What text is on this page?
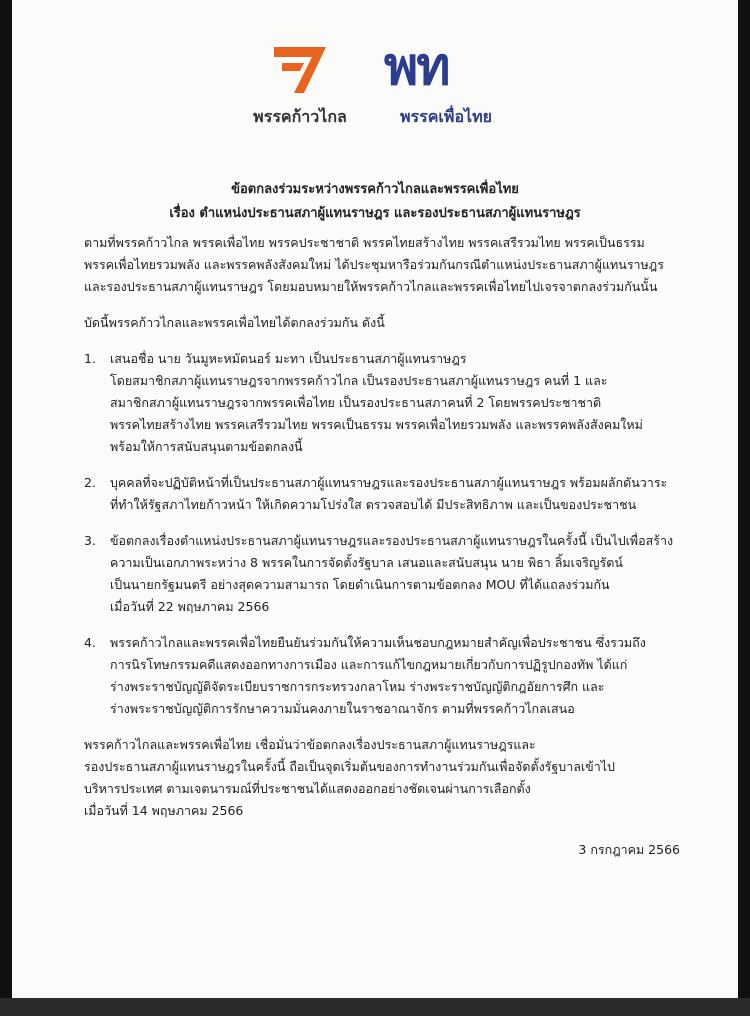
พรรคก้าวไกล
พท
พรรคเพื่อไทย
ข้อตกลงร่วมระหว่างพรรคก้าวไกลและพรรคเพื่อไทย
เรื่อง ตำแหน่งประธานสภาผู้แทนราษฎร และรองประธานสภาผู้แทนราษฎร
ตามที่พรรคก้าวไกล พรรคเพื่อไทย พรรคประชาชาติ พรรคไทยสร้างไทย พรรคเสรีรวมไทย พรรคเป็นธรรม
พรรคเพื่อไทยรวมพลัง และพรรคพลังสังคมใหม่ ได้ประชุมหารือร่วมกันกรณีตำแหน่งประธานสภาผู้แทนราษฎร
และรองประธานสภาผู้แทนราษฎร โดยมอบหมายให้พรรคก้าวไกลและพรรคเพื่อไทยไปเจรจาตกลงร่วมกันนั้น
บัดนี้พรรคก้าวไกลและพรรคเพื่อไทยได้ตกลงร่วมกัน ดังนี้
1. เสนอชื่อ นาย วันมูหะหมัดนอร์ มะทา เป็นประธานสภาผู้แทนราษฎร
โดยสมาชิกสภาผู้แทนราษฎรจากพรรคก้าวไกล เป็นรองประธานสภาผู้แทนราษฎร คนที่ 1 และ
สมาชิกสภาผู้แทนราษฎรจากพรรคเพื่อไทย เป็นรองประธานสภาคนที่ 2 โดยพรรคประชาชาติ
พรรคไทยสร้างไทย พรรคเสรีรวมไทย พรรคเป็นธรรม พรรคเพื่อไทยรวมพลัง และพรรคพลังสังคมใหม่
พร้อมให้การสนับสนุนตามข้อตกลงนี้
2. บุคคลที่จะปฏิบัติหน้าที่เป็นประธานสภาผู้แทนราษฎรและรองประธานสภาผู้แทนราษฎร พร้อมผลักดันวาระ
ที่ทำให้รัฐสภาไทยก้าวหน้า ให้เกิดความโปร่งใส ตรวจสอบได้ มีประสิทธิภาพ และเป็นของประชาชน
3. ข้อตกลงเรื่องตำแหน่งประธานสภาผู้แทนราษฎรและรองประธานสภาผู้แทนราษฎรในครั้งนี้ เป็นไปเพื่อสร้าง
ความเป็นเอกภาพระหว่าง 8 พรรคในการจัดตั้งรัฐบาล เสนอและสนับสนุน นาย พิธา ลิ้มเจริญรัตน์
เป็นนายกรัฐมนตรี อย่างสุดความสามารถ โดยดำเนินการตามข้อตกลง MOU ที่ได้แถลงร่วมกัน
เมื่อวันที่ 22 พฤษภาคม 2566
4. พรรคก้าวไกลและพรรคเพื่อไทยยืนยันร่วมกันให้ความเห็นชอบกฎหมายสำคัญเพื่อประชาชน ซึ่งรวมถึง
การนิรโทษกรรมคดีแสดงออกทางการเมือง และการแก้ไขกฎหมายเกี่ยวกับการปฏิรูปกองทัพ ได้แก่
ร่างพระราชบัญญัติจัดระเบียบราชการกระทรวงกลาโหม ร่างพระราชบัญญัติกฎอัยการศึก และ
ร่างพระราชบัญญัติการรักษาความมั่นคงภายในราชอาณาจักร ตามที่พรรคก้าวไกลเสนอ
พรรคก้าวไกลและพรรคเพื่อไทย เชื่อมั่นว่าข้อตกลงเรื่องประธานสภาผู้แทนราษฎรและ
รองประธานสภาผู้แทนราษฎรในครั้งนี้ ถือเป็นจุดเริ่มต้นของการทำงานร่วมกันเพื่อจัดตั้งรัฐบาลเข้าไป
บริหารประเทศ ตามเจตนารมณ์ที่ประชาชนได้แสดงออกอย่างชัดเจนผ่านการเลือกตั้ง
เมื่อวันที่ 14 พฤษภาคม 2566
3 กรกฎาคม 2566
